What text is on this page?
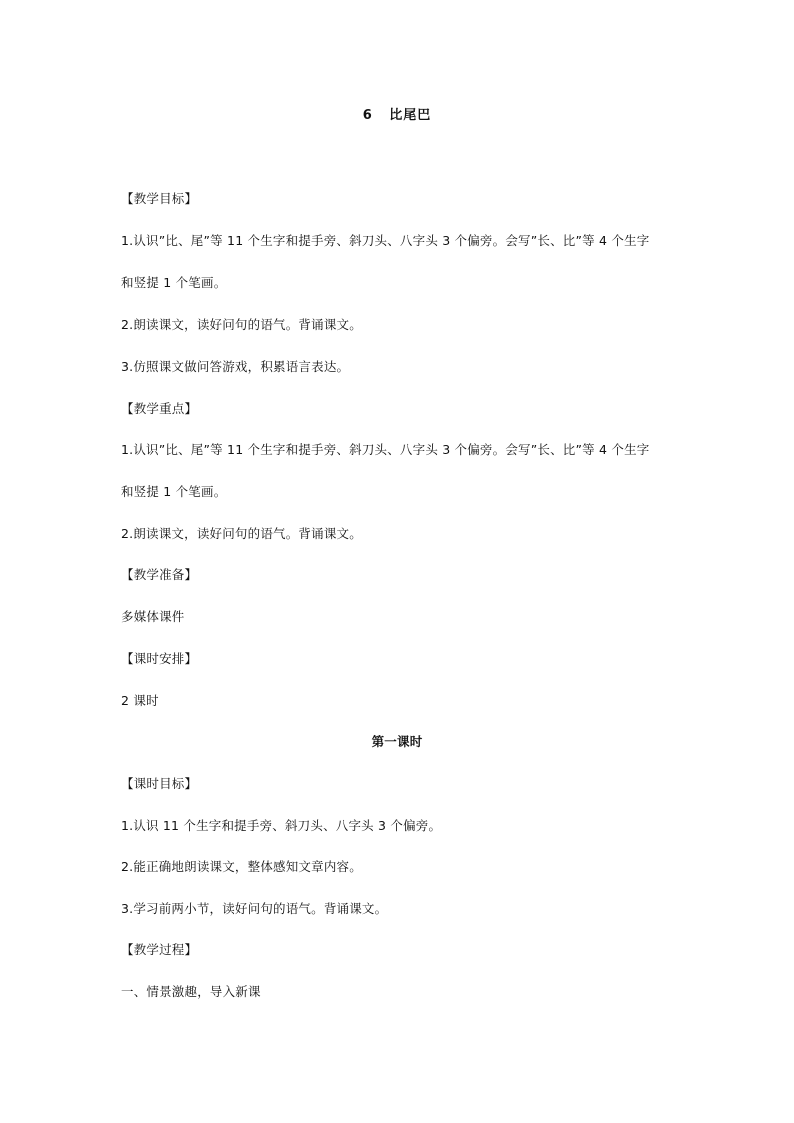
6   比尾巴
【教学目标】
1.认识”比、尾”等 11 个生字和提手旁、斜刀头、八字头 3 个偏旁。会写”长、比”等 4 个生字
和竖提 1 个笔画。
2.朗读课文，读好问句的语气。背诵课文。
3.仿照课文做问答游戏，积累语言表达。
【教学重点】
1.认识”比、尾”等 11 个生字和提手旁、斜刀头、八字头 3 个偏旁。会写”长、比”等 4 个生字
和竖提 1 个笔画。
2.朗读课文，读好问句的语气。背诵课文。
【教学准备】
多媒体课件
【课时安排】
2 课时
第一课时
【课时目标】
1.认识 11 个生字和提手旁、斜刀头、八字头 3 个偏旁。
2.能正确地朗读课文，整体感知文章内容。
3.学习前两小节，读好问句的语气。背诵课文。
【教学过程】
一、情景激趣，导入新课
